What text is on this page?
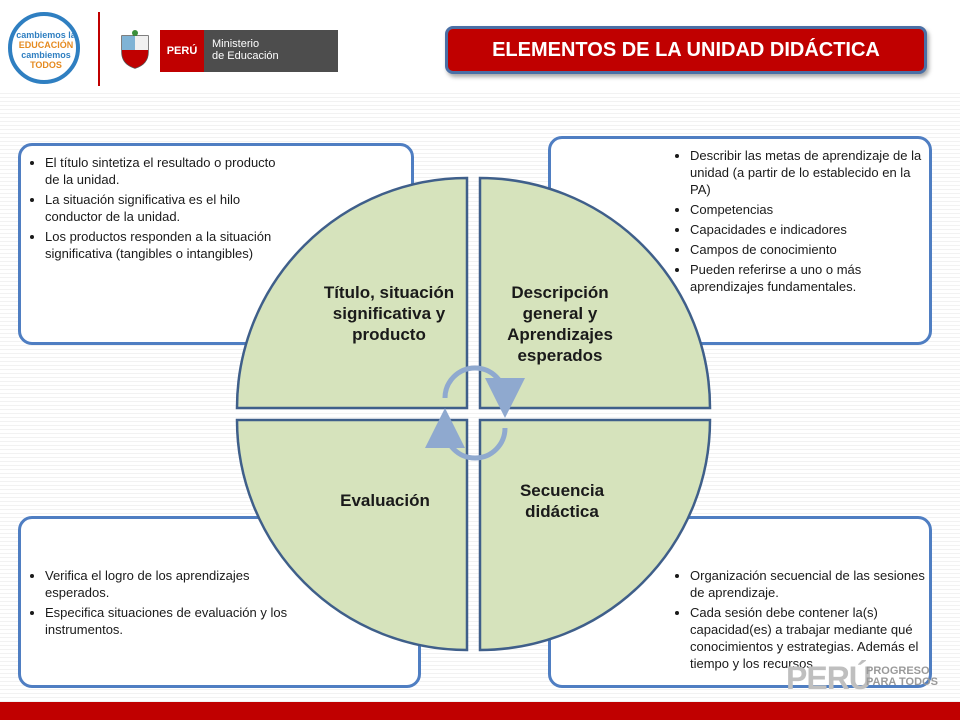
cambiemos la
EDUCACIÓN
cambiemos
TODOS
PERÚ
Ministerio
de Educación	ELEMENTOS DE LA UNIDAD DIDÁCTICA
• El título sintetiza el resultado o producto de la unidad.
• La situación significativa es el hilo conductor de la unidad.
• Los productos responden a la situación significativa (tangibles o intangibles)
• Describir las metas de aprendizaje de la unidad (a partir de lo establecido en la PA)
• Competencias
• Capacidades e indicadores
• Campos de conocimiento
• Pueden referirse a uno o más aprendizajes fundamentales.
• Verifica el logro de los aprendizajes esperados.
• Especifica situaciones de evaluación y los instrumentos.
• Organización secuencial de las sesiones de aprendizaje.
• Cada sesión debe contener la(s) capacidad(es) a trabajar mediante qué conocimientos y estrategias. Además el tiempo y los recursos .
Título, situación significativa y producto
Descripción general y Aprendizajes esperados
Evaluación
Secuencia didáctica
PERÚ
PROGRESO
PARA TODOS
